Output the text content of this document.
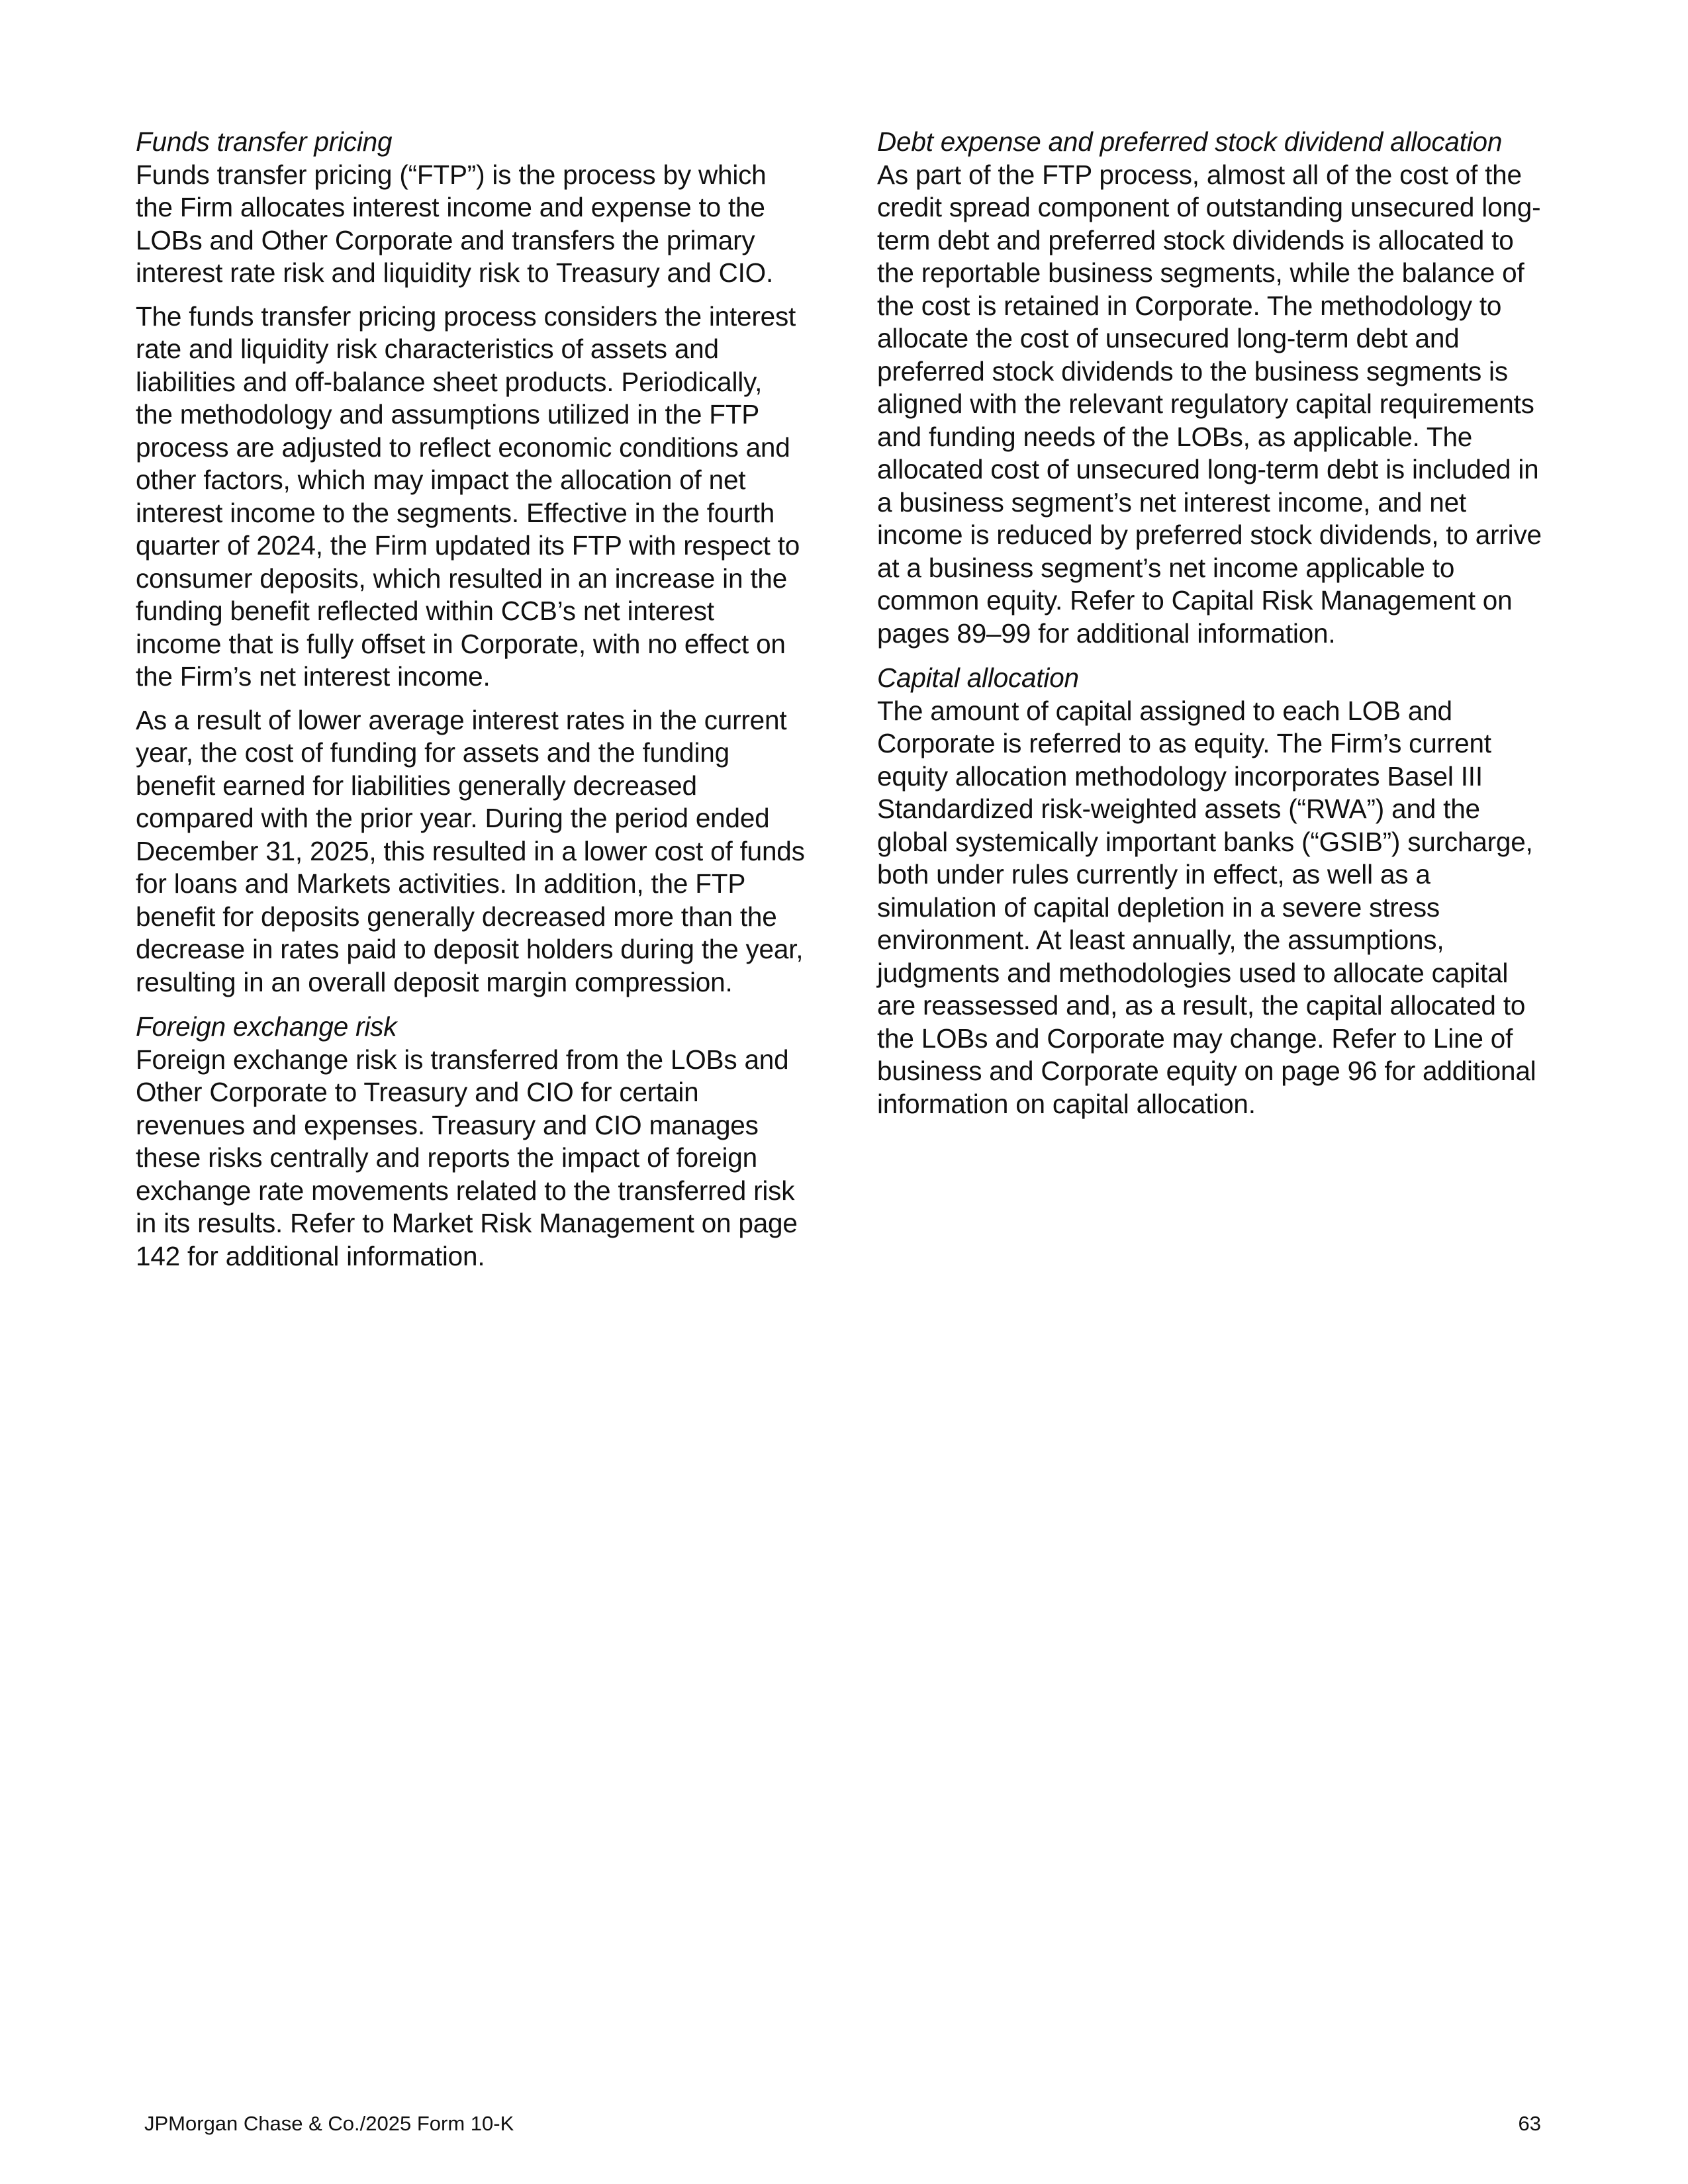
Funds transfer pricing

Funds transfer pricing (“FTP”) is the process by which the Firm allocates interest income and expense to the LOBs and Other Corporate and transfers the primary interest rate risk and liquidity risk to Treasury and CIO.

The funds transfer pricing process considers the interest rate and liquidity risk characteristics of assets and liabilities and off-balance sheet products. Periodically, the methodology and assumptions utilized in the FTP process are adjusted to reflect economic conditions and other factors, which may impact the allocation of net interest income to the segments. Effective in the fourth quarter of 2024, the Firm updated its FTP with respect to consumer deposits, which resulted in an increase in the funding benefit reflected within CCB’s net interest income that is fully offset in Corporate, with no effect on the Firm’s net interest income.

As a result of lower average interest rates in the current year, the cost of funding for assets and the funding benefit earned for liabilities generally decreased compared with the prior year. During the period ended December 31, 2025, this resulted in a lower cost of funds for loans and Markets activities. In addition, the FTP benefit for deposits generally decreased more than the decrease in rates paid to deposit holders during the year, resulting in an overall deposit margin compression.

Foreign exchange risk

Foreign exchange risk is transferred from the LOBs and Other Corporate to Treasury and CIO for certain revenues and expenses. Treasury and CIO manages these risks centrally and reports the impact of foreign exchange rate movements related to the transferred risk in its results. Refer to Market Risk Management on page 142 for additional information.

Debt expense and preferred stock dividend allocation

As part of the FTP process, almost all of the cost of the credit spread component of outstanding unsecured long-term debt and preferred stock dividends is allocated to the reportable business segments, while the balance of the cost is retained in Corporate. The methodology to allocate the cost of unsecured long-term debt and preferred stock dividends to the business segments is aligned with the relevant regulatory capital requirements and funding needs of the LOBs, as applicable. The allocated cost of unsecured long-term debt is included in a business segment’s net interest income, and net income is reduced by preferred stock dividends, to arrive at a business segment’s net income applicable to common equity. Refer to Capital Risk Management on pages 89–99 for additional information.

Capital allocation

The amount of capital assigned to each LOB and Corporate is referred to as equity. The Firm’s current equity allocation methodology incorporates Basel III Standardized risk-weighted assets (“RWA”) and the global systemically important banks (“GSIB”) surcharge, both under rules currently in effect, as well as a simulation of capital depletion in a severe stress environment. At least annually, the assumptions, judgments and methodologies used to allocate capital are reassessed and, as a result, the capital allocated to the LOBs and Corporate may change. Refer to Line of business and Corporate equity on page 96 for additional information on capital allocation.

JPMorgan Chase & Co./2025 Form 10-K	63
